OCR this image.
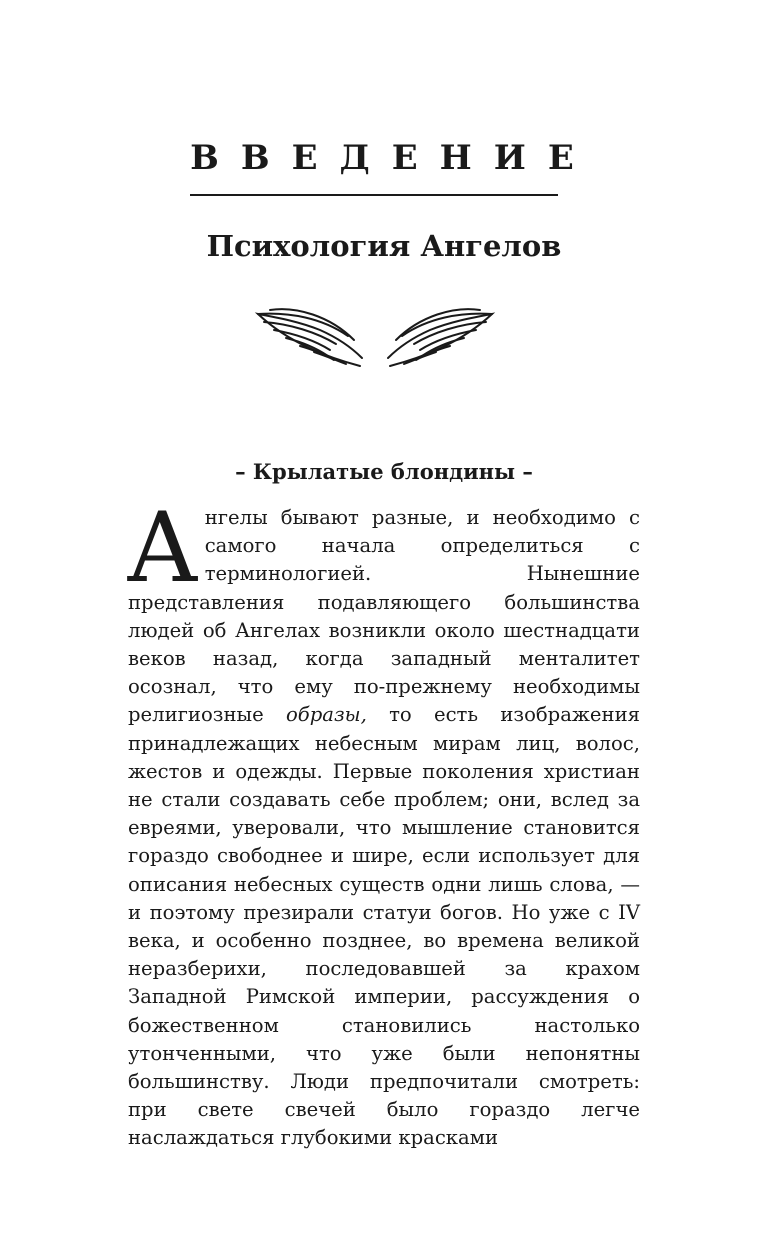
ВВЕДЕНИЕ
Психология Ангелов
– Крылатые блондины –

Ангелы бывают разные, и необходимо с самого начала определиться с терминологией. Нынешние представления подавляющего большинства людей об Ангелах возникли около шестнадцати веков назад, когда западный менталитет осознал, что ему по-прежнему необходимы религиозные образы, то есть изображения принадлежащих небесным мирам лиц, волос, жестов и одежды. Первые поколения христиан не стали создавать себе проблем; они, вслед за евреями, уверовали, что мышление становится гораздо свободнее и шире, если использует для описания небесных существ одни лишь слова, — и поэтому презирали статуи богов. Но уже с IV века, и особенно позднее, во времена великой неразберихи, последовавшей за крахом Западной Римской империи, рассуждения о божественном становились настолько утонченными, что уже были непонятны большинству. Люди предпочитали смотреть: при свете свечей было гораздо легче наслаждаться глубокими красками
